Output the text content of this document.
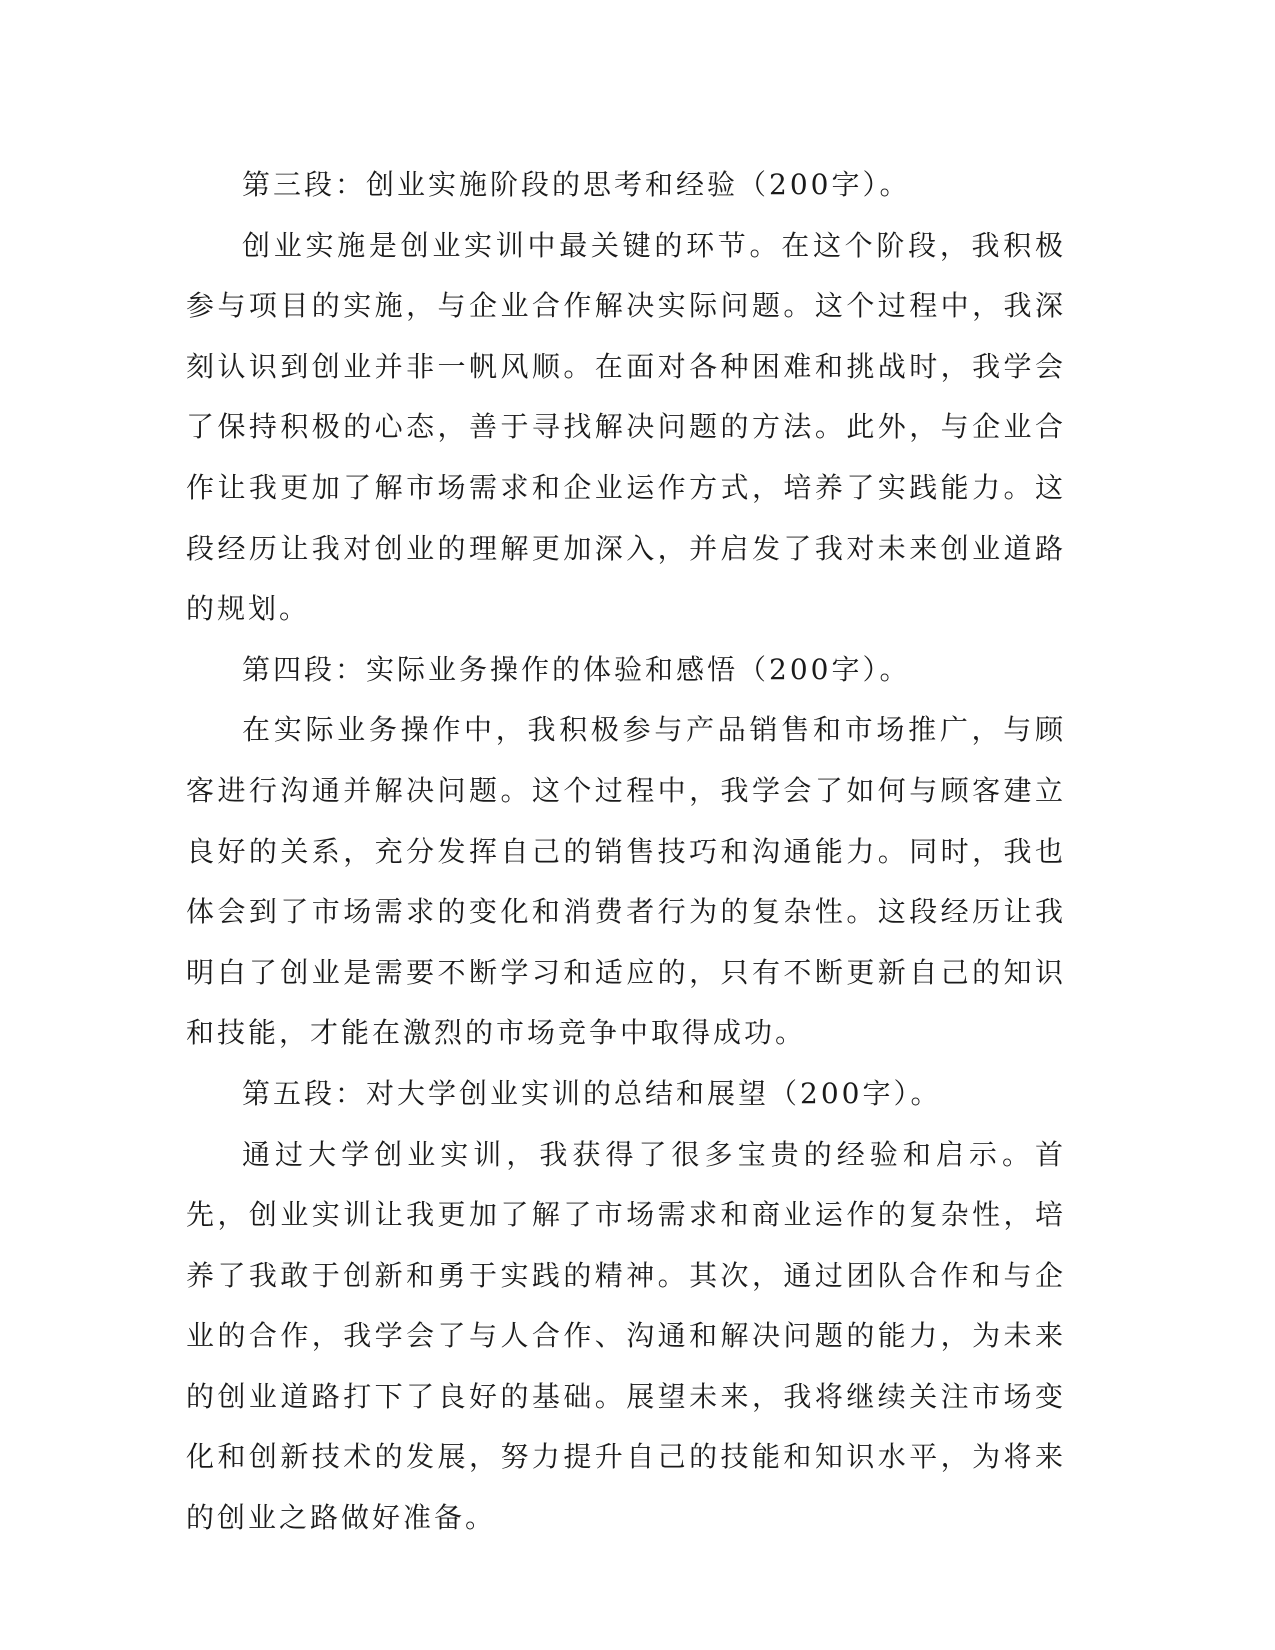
第三段：创业实施阶段的思考和经验（200字）。

创业实施是创业实训中最关键的环节。在这个阶段，我积极参与项目的实施，与企业合作解决实际问题。这个过程中，我深刻认识到创业并非一帆风顺。在面对各种困难和挑战时，我学会了保持积极的心态，善于寻找解决问题的方法。此外，与企业合作让我更加了解市场需求和企业运作方式，培养了实践能力。这段经历让我对创业的理解更加深入，并启发了我对未来创业道路的规划。

第四段：实际业务操作的体验和感悟（200字）。

在实际业务操作中，我积极参与产品销售和市场推广，与顾客进行沟通并解决问题。这个过程中，我学会了如何与顾客建立良好的关系，充分发挥自己的销售技巧和沟通能力。同时，我也体会到了市场需求的变化和消费者行为的复杂性。这段经历让我明白了创业是需要不断学习和适应的，只有不断更新自己的知识和技能，才能在激烈的市场竞争中取得成功。

第五段：对大学创业实训的总结和展望（200字）。

通过大学创业实训，我获得了很多宝贵的经验和启示。首先，创业实训让我更加了解了市场需求和商业运作的复杂性，培养了我敢于创新和勇于实践的精神。其次，通过团队合作和与企业的合作，我学会了与人合作、沟通和解决问题的能力，为未来的创业道路打下了良好的基础。展望未来，我将继续关注市场变化和创新技术的发展，努力提升自己的技能和知识水平，为将来的创业之路做好准备。
